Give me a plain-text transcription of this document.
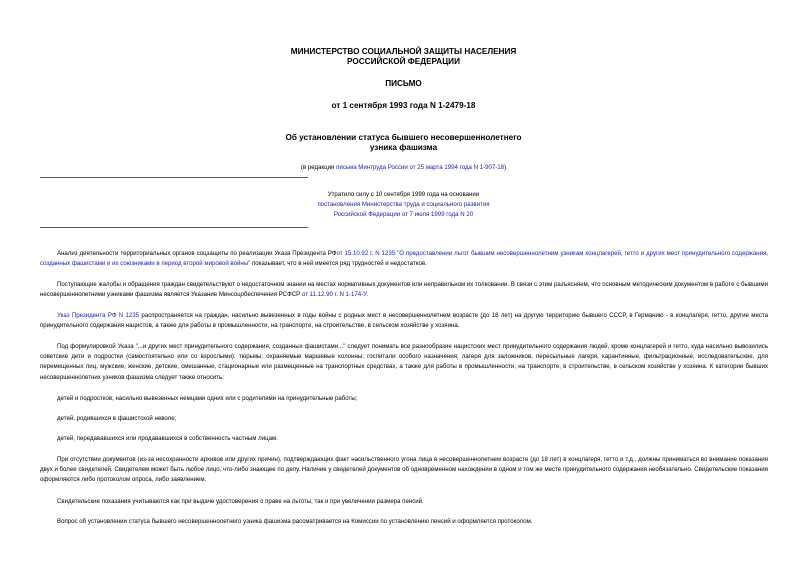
МИНИСТЕРСТВО СОЦИАЛЬНОЙ ЗАЩИТЫ НАСЕЛЕНИЯ
РОССИЙСКОЙ ФЕДЕРАЦИИ
ПИСЬМО
от 1 сентября 1993 года N 1-2479-18
Об установлении статуса бывшего несовершеннолетнего
узника фашизма
(в редакции письма Минтруда России от 25 марта 1994 года N 1-907-18)
Утратило силу с 10 сентября 1999 года на основании
постановления Министерства труда и социального развития
Российской Федерации от 7 июля 1999 года N 20
Анализ деятельности территориальных органов соцзащиты по реализации Указа Президента РФот 15.10.92 г. N 1235 "О предоставлении льгот бывшим несовершеннолетним узникам концлагерей, гетто и других мест принудительного содержания, созданных фашистами и их союзниками в период второй мировой войны" показывает, что в ней имеется ряд трудностей и недостатков.
Поступающие жалобы и обращения граждан свидетельствуют о недостаточном знании на местах нормативных документов или неправильном их толковании. В связи с этим разъясняем, что основным методическим документом в работе с бывшими несовершеннолетними узниками фашизма является Указание Минсоцобеспечения РСФСР от 11.12.90 г. N 1-174-У.
Указ Президента РФ N 1235 распространяется на граждан, насильно вывезенных в годы войны с родных мест в несовершеннолетнем возрасте (до 18 лет) на другую территорию бывшего СССР, в Германию - в концлагеря, гетто, другие места принудительного содержания нацистов, а также для работы в промышленности, на транспорте, на строительстве, в сельском хозяйстве у хозяина.
Под формулировкой Указа "...и других мест принудительного содержания, созданных фашистами..." следует понимать все разнообразие нацистских мест принудительного содержания людей, кроме концлагерей и гетто, куда насильно вывозились советские дети и подростки (самостоятельно или со взрослыми): тюрьмы; охраняемые маршевые колонны; госпитали особого назначения; лагеря для заложников, пересыльные лагеря, карантинные, фильтрационные, исследовательские, для перемещенных лиц, мужские, женские, детские, смешанные, стационарные или размещенные на транспортных средствах, а также для работы в промышленности, на транспорте, в строительстве, в сельском хозяйстве у хозяина. К категории бывших несовершеннолетних узников фашизма следует также относить:
детей и подростков, насильно вывезенных немцами одних или с родителями на принудительные работы;
детей, родившихся в фашистской неволе;
детей, передававшихся или продававшихся в собственность частным лицам.
При отсутствии документов (из-за несохранности архивов или других причин), подтверждающих факт насильственного угона лица в несовершеннолетнем возрасте (до 18 лет) в концлагеря, гетто и т.д., должны приниматься во внимание показания двух и более свидетелей. Свидетелем может быть любое лицо, что-либо знающее по делу. Наличие у свидетелей документов об одновременном нахождении в одном и том же месте принудительного содержания необязательно. Свидетельские показания оформляются либо протоколом опроса, либо заявлением.
Свидетельские показания учитываются как при выдаче удостоверения о праве на льготы, так и при увеличении размера пенсий.
Вопрос об установлении статуса бывшего несовершеннолетнего узника фашизма рассматривается на Комиссии по установлению пенсий и оформляется протоколом.
